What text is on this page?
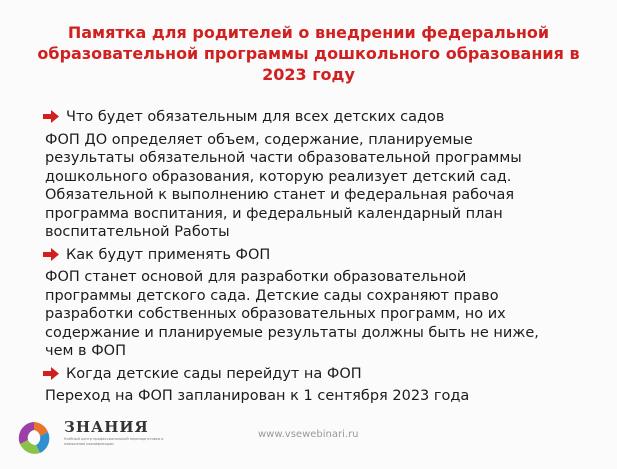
Памятка для родителей о внедрении федеральной
образовательной программы дошкольного образования в
2023 году
Что будет обязательным для всех детских садов
ФОП ДО определяет объем, содержание, планируемые
результаты обязательной части образовательной программы
дошкольного образования, которую реализует детский сад.
Обязательной к выполнению станет и федеральная рабочая
программа воспитания, и федеральный календарный план
воспитательной Работы
Как будут применять ФОП
ФОП станет основой для разработки образовательной
программы детского сада. Детские сады сохраняют право
разработки собственных образовательных программ, но их
содержание и планируемые результаты должны быть не ниже,
чем в ФОП
Когда детские сады перейдут на ФОП
Переход на ФОП запланирован к 1 сентября 2023 года
ЗНАНИЯ
Учебный центр профессиональной переподготовки и повышения квалификации
www.vsewebinari.ru
